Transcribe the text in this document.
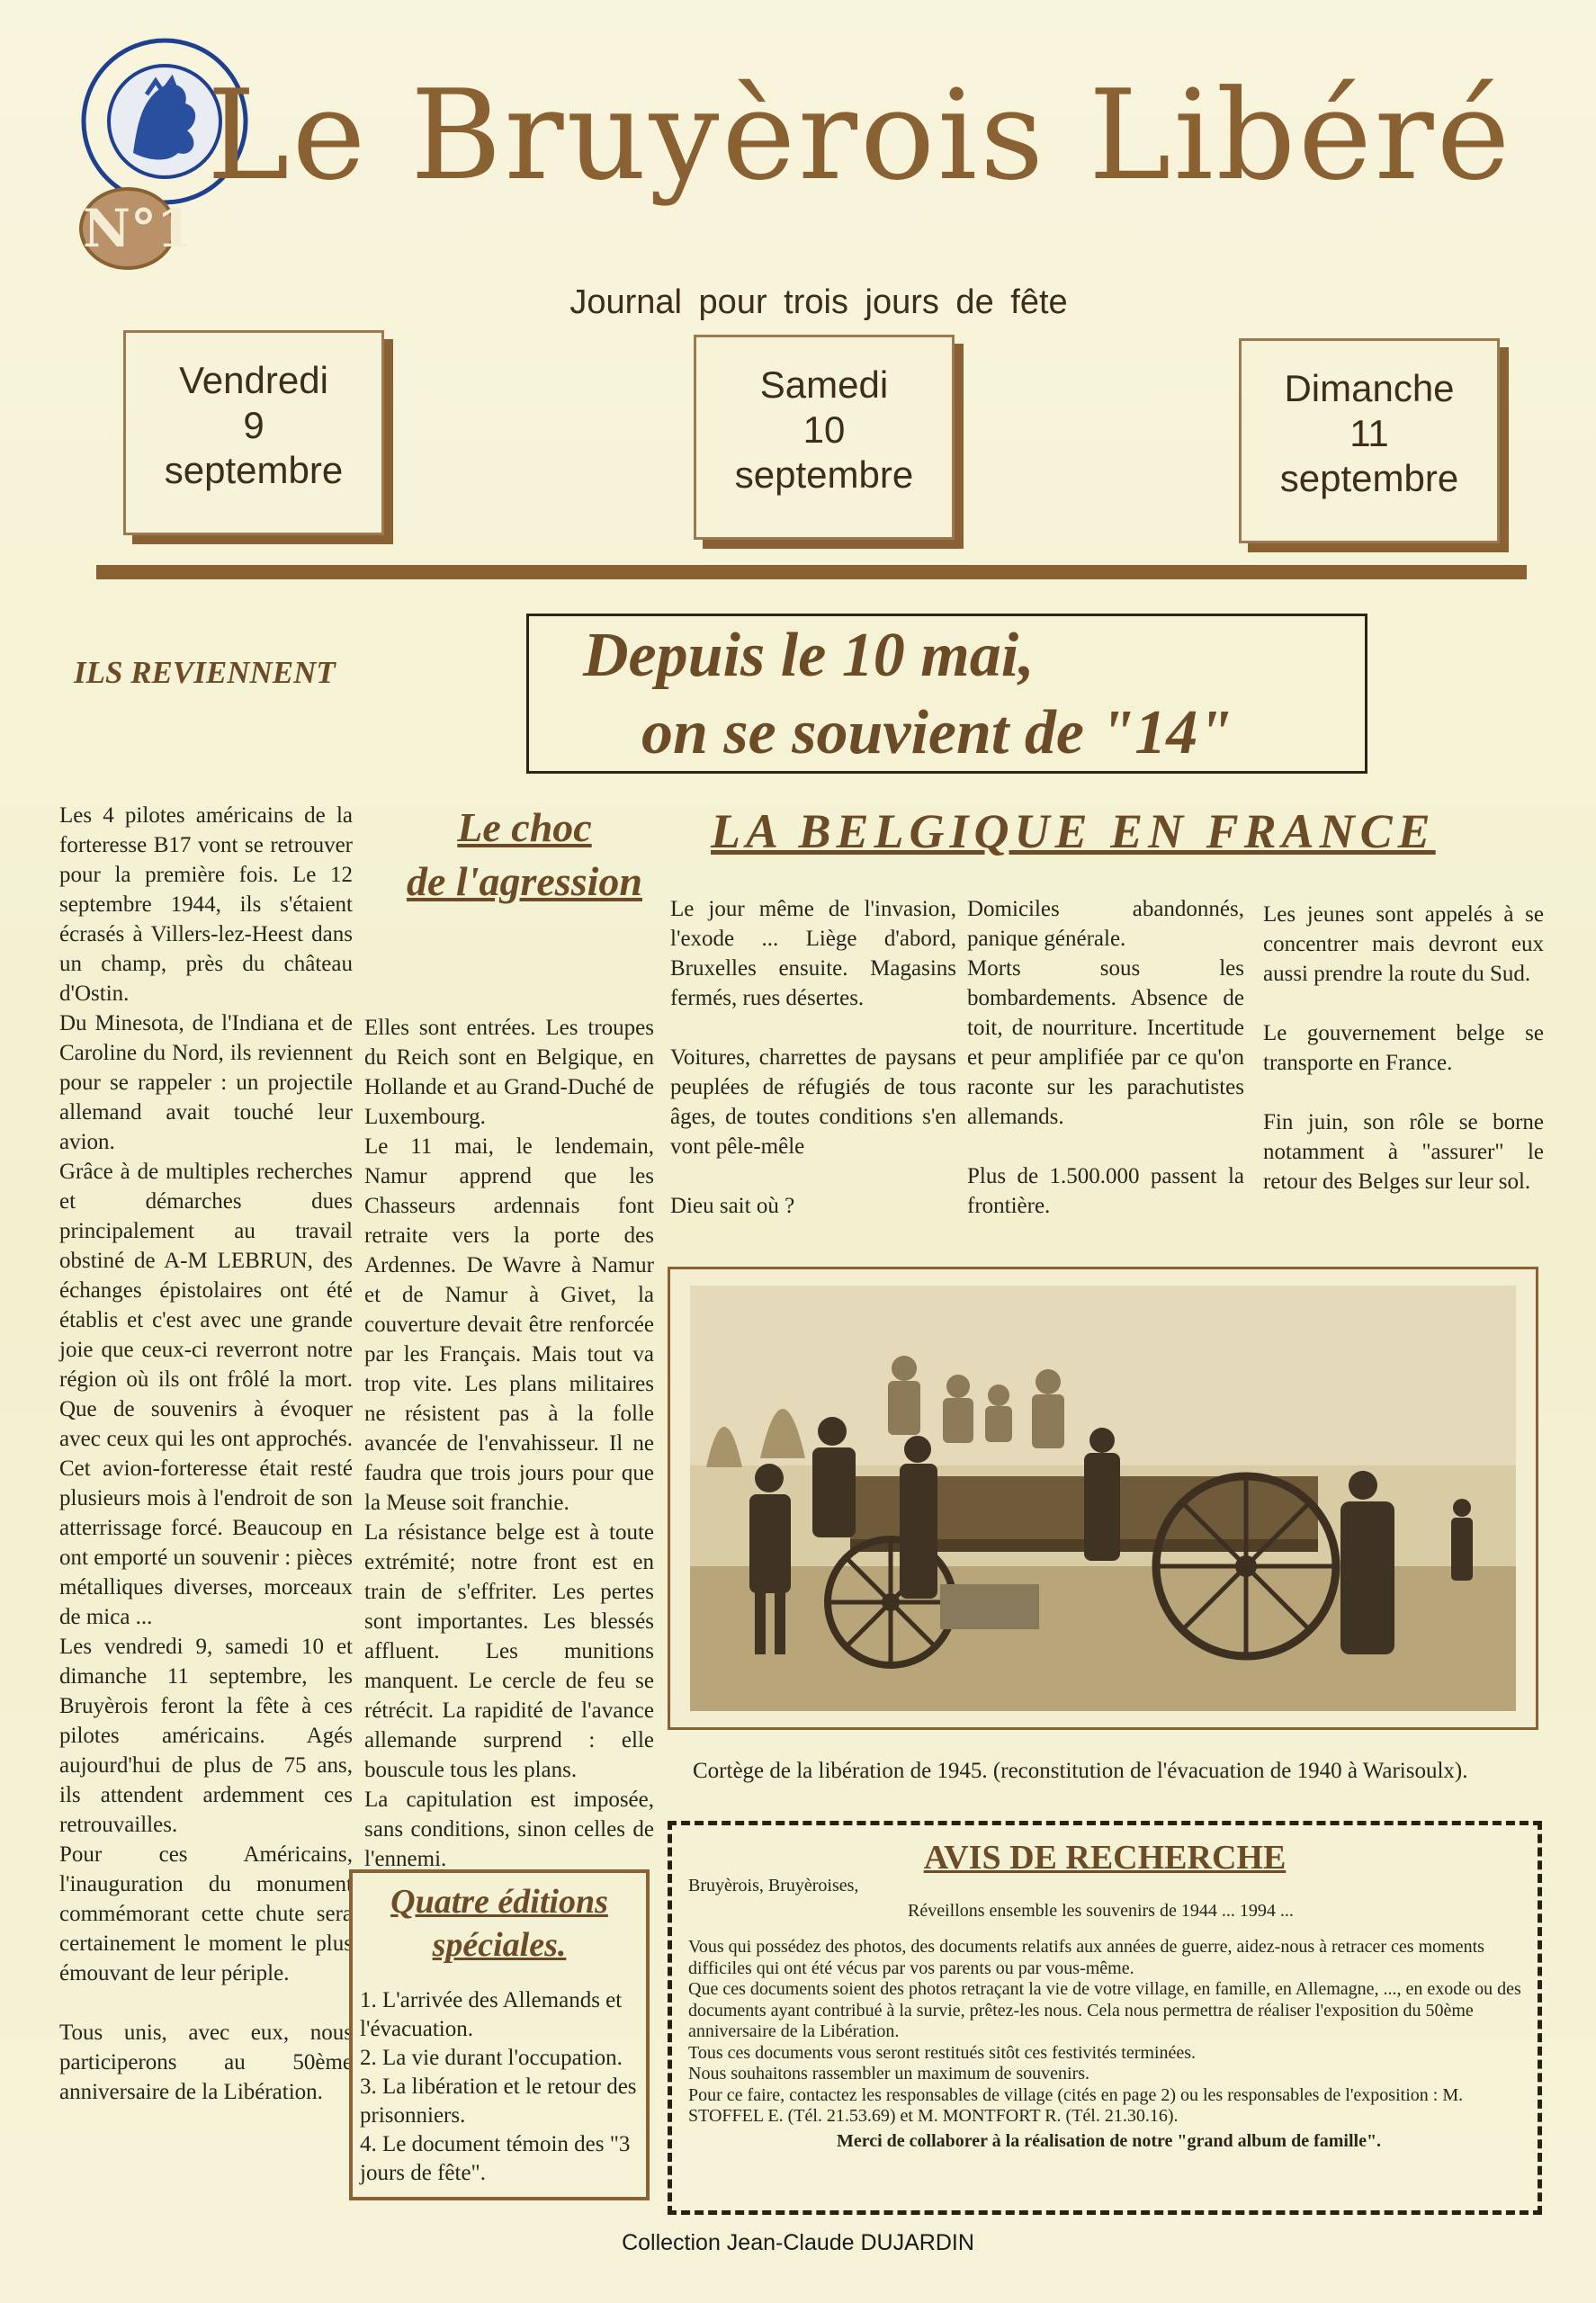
N°1
Le Bruyèrois Libéré
Journal pour trois jours de fête
Vendredi
9
septembre
Samedi
10
septembre
Dimanche
11
septembre
ILS REVIENNENT	Depuis le 10 mai,
on se souvient de "14"

Les 4 pilotes américains de la forteresse B17 vont se retrouver pour la première fois. Le 12 septembre 1944, ils s'étaient écrasés à Villers-lez-Heest dans un champ, près du château d'Ostin.

Du Minesota, de l'Indiana et de Caroline du Nord, ils reviennent pour se rappeler : un projectile allemand avait touché leur avion.

Grâce à de multiples recherches et démarches dues principalement au travail obstiné de A-M LEBRUN, des échanges épistolaires ont été établis et c'est avec une grande joie que ceux-ci reverront notre région où ils ont frôlé la mort. Que de souvenirs à évoquer avec ceux qui les ont approchés. Cet avion-forteresse était resté plusieurs mois à l'endroit de son atterrissage forcé. Beaucoup en ont emporté un souvenir : pièces métalliques diverses, morceaux de mica ...

Les vendredi 9, samedi 10 et dimanche 11 septembre, les Bruyèrois feront la fête à ces pilotes américains. Agés aujourd'hui de plus de 75 ans, ils attendent ardemment ces retrouvailles.

Pour ces Américains, l'inauguration du monument commémorant cette chute sera certainement le moment le plus émouvant de leur périple.

Tous unis, avec eux, nous participerons au 50ème anniversaire de la Libération.

Le choc
de l'agression

Elles sont entrées. Les troupes du Reich sont en Belgique, en Hollande et au Grand-Duché de Luxembourg.

Le 11 mai, le lendemain, Namur apprend que les Chasseurs ardennais font retraite vers la porte des Ardennes. De Wavre à Namur et de Namur à Givet, la couverture devait être renforcée par les Français. Mais tout va trop vite. Les plans militaires ne résistent pas à la folle avancée de l'envahisseur. Il ne faudra que trois jours pour que la Meuse soit franchie.

La résistance belge est à toute extrémité; notre front est en train de s'effriter. Les pertes sont importantes. Les blessés affluent. Les munitions manquent. Le cercle de feu se rétrécit. La rapidité de l'avance allemande surprend : elle bouscule tous les plans.

La capitulation est imposée, sans conditions, sinon celles de l'ennemi.

LA BELGIQUE EN FRANCE

Le jour même de l'invasion, l'exode ... Liège d'abord, Bruxelles ensuite. Magasins fermés, rues désertes.

Voitures, charrettes de paysans peuplées de réfugiés de tous âges, de toutes conditions s'en vont pêle-mêle

Dieu sait où ?

Domiciles abandonnés, panique générale.

Morts sous les bombardements. Absence de toit, de nourriture. Incertitude et peur amplifiée par ce qu'on raconte sur les parachutistes allemands.

Plus de 1.500.000 passent la frontière.

Les jeunes sont appelés à se concentrer mais devront eux aussi prendre la route du Sud.

Le gouvernement belge se transporte en France.

Fin juin, son rôle se borne notamment à "assurer" le retour des Belges sur leur sol.

Cortège de la libération de 1945. (reconstitution de l'évacuation de 1940 à Warisoulx).
Quatre éditions
spéciales.
1. L'arrivée des Allemands et l'évacuation.
2. La vie durant l'occupation.
3. La libération et le retour des prisonniers.
4. Le document témoin des "3 jours de fête".
AVIS DE RECHERCHE
Bruyèrois, Bruyèroises,
Réveillons ensemble les souvenirs de 1944 ... 1994 ...
Vous qui possédez des photos, des documents relatifs aux années de guerre, aidez-nous à retracer ces moments difficiles qui ont été vécus par vos parents ou par vous-même.
Que ces documents soient des photos retraçant la vie de votre village, en famille, en Allemagne, ..., en exode ou des documents ayant contribué à la survie, prêtez-les nous. Cela nous permettra de réaliser l'exposition du 50ème anniversaire de la Libération.
Tous ces documents vous seront restitués sitôt ces festivités terminées.
Nous souhaitons rassembler un maximum de souvenirs.
Pour ce faire, contactez les responsables de village (cités en page 2) ou les responsables de l'exposition : M. STOFFEL E. (Tél. 21.53.69) et M. MONTFORT R. (Tél. 21.30.16).
Merci de collaborer à la réalisation de notre "grand album de famille".
Collection Jean-Claude DUJARDIN
